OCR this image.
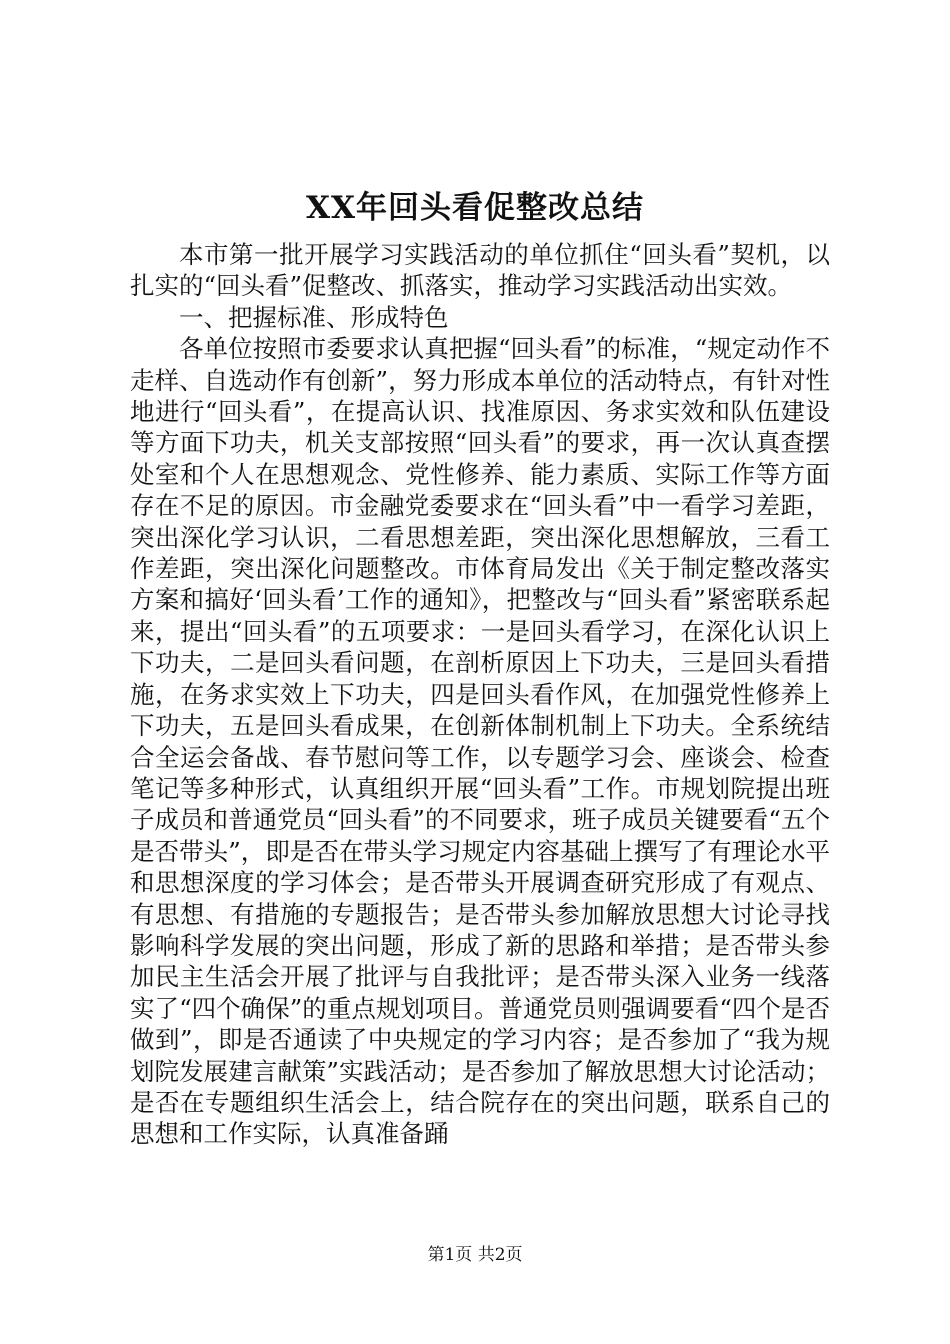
XX年回头看促整改总结

本市第一批开展学习实践活动的单位抓住“回头看”契机，以扎实的“回头看”促整改、抓落实，推动学习实践活动出实效。

一、把握标准、形成特色

各单位按照市委要求认真把握“回头看”的标准，“规定动作不走样、自选动作有创新”，努力形成本单位的活动特点，有针对性地进行“回头看”，在提高认识、找准原因、务求实效和队伍建设等方面下功夫，机关支部按照“回头看”的要求，再一次认真查摆处室和个人在思想观念、党性修养、能力素质、实际工作等方面存在不足的原因。市金融党委要求在“回头看”中一看学习差距，突出深化学习认识，二看思想差距，突出深化思想解放，三看工作差距，突出深化问题整改。市体育局发出《关于制定整改落实方案和搞好‘回头看’工作的通知》，把整改与“回头看”紧密联系起来，提出“回头看”的五项要求：一是回头看学习，在深化认识上下功夫，二是回头看问题，在剖析原因上下功夫，三是回头看措施，在务求实效上下功夫，四是回头看作风，在加强党性修养上下功夫，五是回头看成果，在创新体制机制上下功夫。全系统结合全运会备战、春节慰问等工作，以专题学习会、座谈会、检查笔记等多种形式，认真组织开展“回头看”工作。市规划院提出班子成员和普通党员“回头看”的不同要求，班子成员关键要看“五个是否带头”，即是否在带头学习规定内容基础上撰写了有理论水平和思想深度的学习体会；是否带头开展调查研究形成了有观点、有思想、有措施的专题报告；是否带头参加解放思想大讨论寻找影响科学发展的突出问题，形成了新的思路和举措；是否带头参加民主生活会开展了批评与自我批评；是否带头深入业务一线落实了“四个确保”的重点规划项目。普通党员则强调要看“四个是否做到”，即是否通读了中央规定的学习内容；是否参加了“我为规划院发展建言献策”实践活动；是否参加了解放思想大讨论活动；是否在专题组织生活会上，结合院存在的突出问题，联系自己的思想和工作实际，认真准备踊

第1页 共2页
